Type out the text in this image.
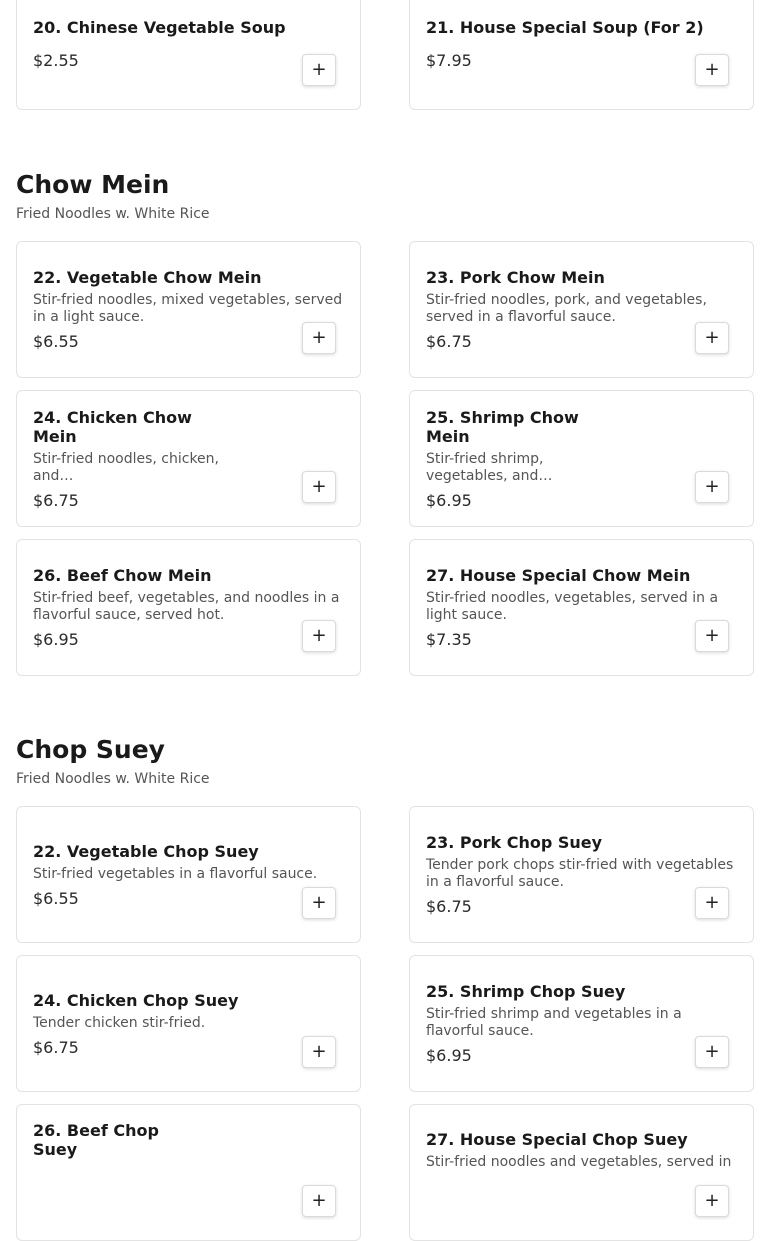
20. Chinese Vegetable Soup
$2.55	+
21. House Special Soup (For 2)
$7.95	+
Chow Mein

Fried Noodles w. White Rice

22. Vegetable Chow Mein
Stir-fried noodles, mixed vegetables, served in a light sauce.
$6.55	+
23. Pork Chow Mein
Stir-fried noodles, pork, and vegetables, served in a flavorful sauce.
$6.75	+
24. Chicken Chow Mein
Stir-fried noodles, chicken, and…
$6.75
+
25. Shrimp Chow Mein
Stir-fried shrimp, vegetables, and…
$6.95
+
26. Beef Chow Mein
Stir-fried beef, vegetables, and noodles in a flavorful sauce, served hot.
$6.95	+
27. House Special Chow Mein
Stir-fried noodles, vegetables, served in a light sauce.
$7.35	+
Chop Suey

Fried Noodles w. White Rice

22. Vegetable Chop Suey
Stir-fried vegetables in a flavorful sauce.
$6.55	+
23. Pork Chop Suey
Tender pork chops stir-fried with vegetables in a flavorful sauce.
$6.75	+
24. Chicken Chop Suey
Tender chicken stir-fried.
$6.75	+
25. Shrimp Chop Suey
Stir-fried shrimp and vegetables in a flavorful sauce.
$6.95	+
26. Beef Chop Suey
+
27. House Special Chop Suey
Stir-fried noodles and vegetables, served in
+
